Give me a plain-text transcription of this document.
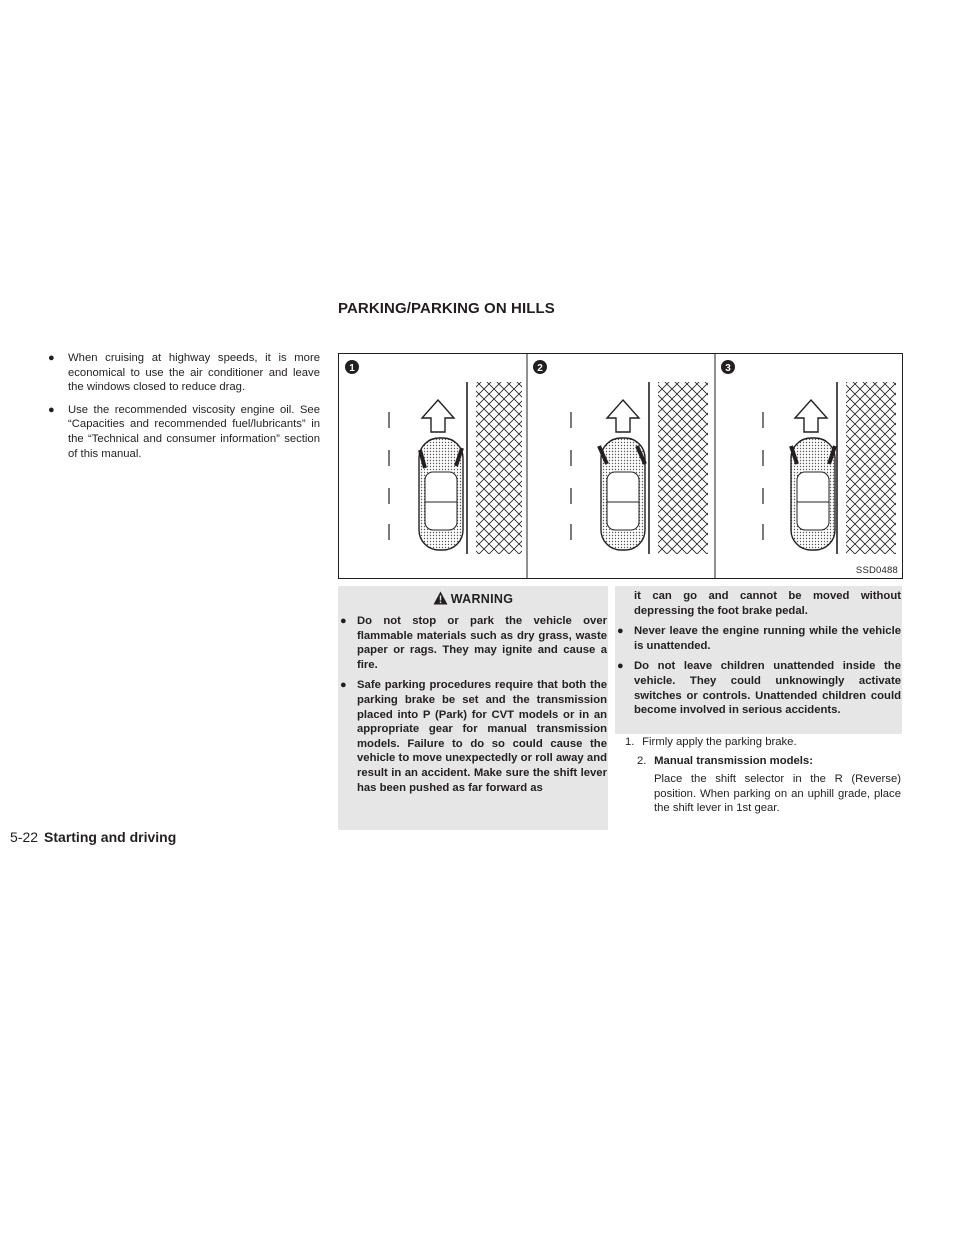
PARKING/PARKING ON HILLS
●	When cruising at highway speeds, it is more economical to use the air conditioner and leave the windows closed to reduce drag.
●	Use the recommended viscosity engine oil. See “Capacities and recommended fuel/lubricants” in the “Technical and consumer information” section of this manual.
1	2	3
SSD0488
WARNING
● Do not stop or park the vehicle over flammable materials such as dry grass, waste paper or rags. They may ignite and cause a fire.
● Safe parking procedures require that both the parking brake be set and the transmission placed into P (Park) for CVT models or in an appropriate gear for manual transmission models. Failure to do so could cause the vehicle to move unexpectedly or roll away and result in an accident. Make sure the shift lever has been pushed as far forward as
it can go and cannot be moved without depressing the foot brake pedal.
● Never leave the engine running while the vehicle is unattended.
● Do not leave children unattended inside the vehicle. They could unknowingly activate switches or controls. Unattended children could become involved in serious accidents.
1. Firmly apply the parking brake.
2. Manual transmission models:
Place the shift selector in the R (Reverse) position. When parking on an uphill grade, place the shift lever in 1st gear.
5-22 Starting and driving
